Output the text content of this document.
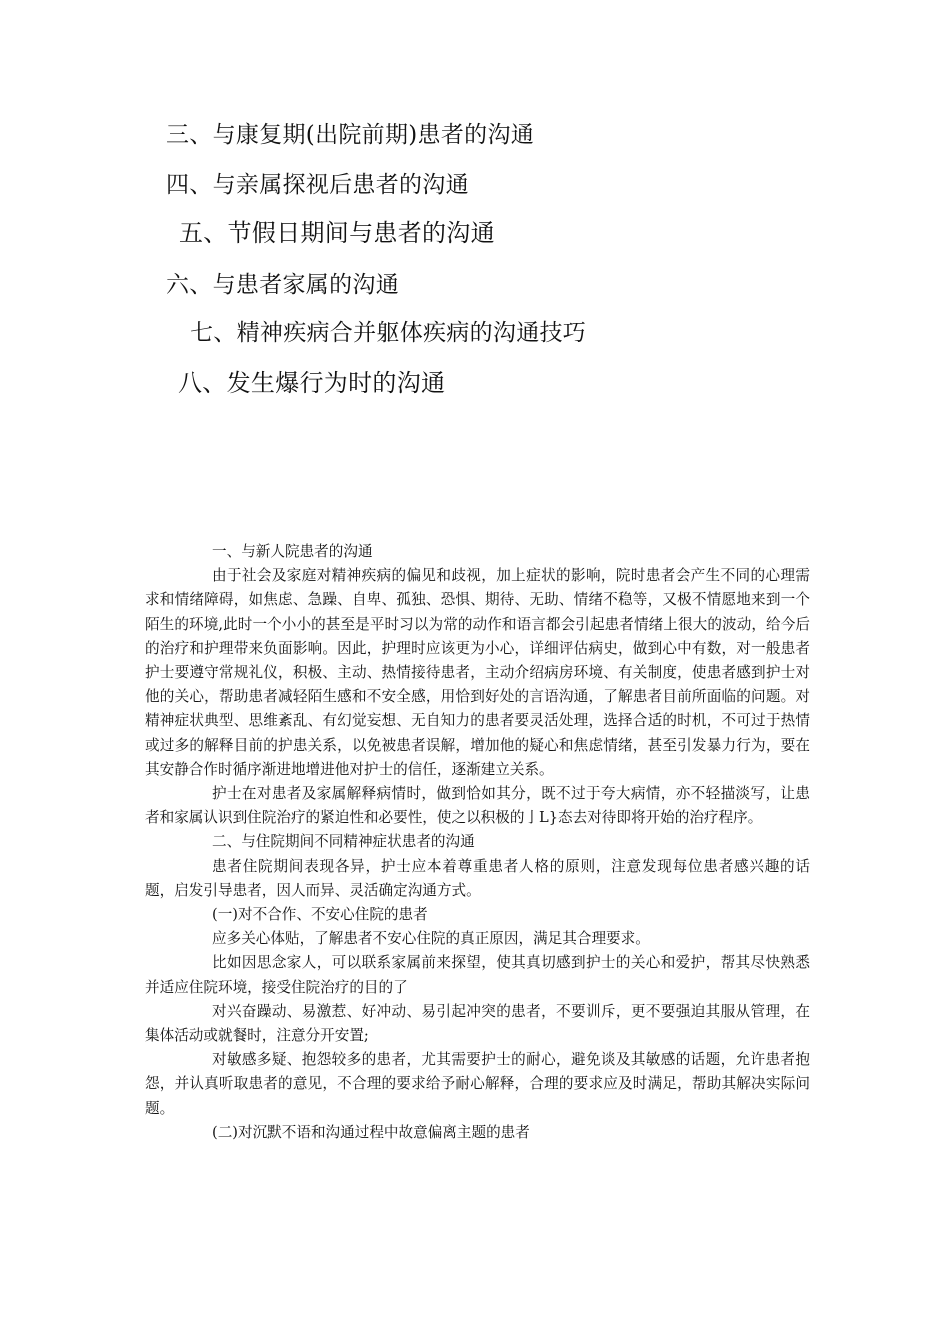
三、与康复期(出院前期)患者的沟通
四、与亲属探视后患者的沟通
五、节假日期间与患者的沟通
六、与患者家属的沟通
七、精神疾病合并躯体疾病的沟通技巧
八、发生爆行为时的沟通

一、与新人院患者的沟通

由于社会及家庭对精神疾病的偏见和歧视，加上症状的影响，院时患者会产生不同的心理需求和情绪障碍，如焦虑、急躁、自卑、孤独、恐惧、期待、无助、情绪不稳等，又极不情愿地来到一个陌生的环境,此时一个小小的甚至是平时习以为常的动作和语言都会引起患者情绪上很大的波动，给今后的治疗和护理带来负面影响。因此，护理时应该更为小心，详细评估病史，做到心中有数，对一般患者护士要遵守常规礼仪，积极、主动、热情接待患者，主动介绍病房环境、有关制度，使患者感到护士对他的关心，帮助患者减轻陌生感和不安全感，用恰到好处的言语沟通，了解患者目前所面临的问题。对精神症状典型、思维紊乱、有幻觉妄想、无自知力的患者要灵活处理，选择合适的时机，不可过于热情或过多的解释目前的护患关系，以免被患者误解，增加他的疑心和焦虑情绪，甚至引发暴力行为，要在其安静合作时循序渐进地增进他对护士的信任，逐渐建立关系。

护士在对患者及家属解释病情时，做到恰如其分，既不过于夸大病情，亦不轻描淡写，让患者和家属认识到住院治疗的紧迫性和必要性，使之以积极的亅L}态去对待即将开始的治疗程序。

二、与住院期间不同精神症状患者的沟通

患者住院期间表现各异，护士应本着尊重患者人格的原则，注意发现每位患者感兴趣的话题，启发引导患者，因人而异、灵活确定沟通方式。

(一)对不合作、不安心住院的患者

应多关心体贴，了解患者不安心住院的真正原因，满足其合理要求。

比如因思念家人，可以联系家属前来探望，使其真切感到护士的关心和爱护，帮其尽快熟悉并适应住院环境，接受住院治疗的目的了

对兴奋躁动、易激惹、好冲动、易引起冲突的患者，不要训斥，更不要强迫其服从管理，在集体活动或就餐时，注意分开安置;

对敏感多疑、抱怨较多的患者，尤其需要护士的耐心，避免谈及其敏感的话题，允许患者抱怨，并认真听取患者的意见，不合理的要求给予耐心解释，合理的要求应及时满足，帮助其解决实际问题。

(二)对沉默不语和沟通过程中故意偏离主题的患者
